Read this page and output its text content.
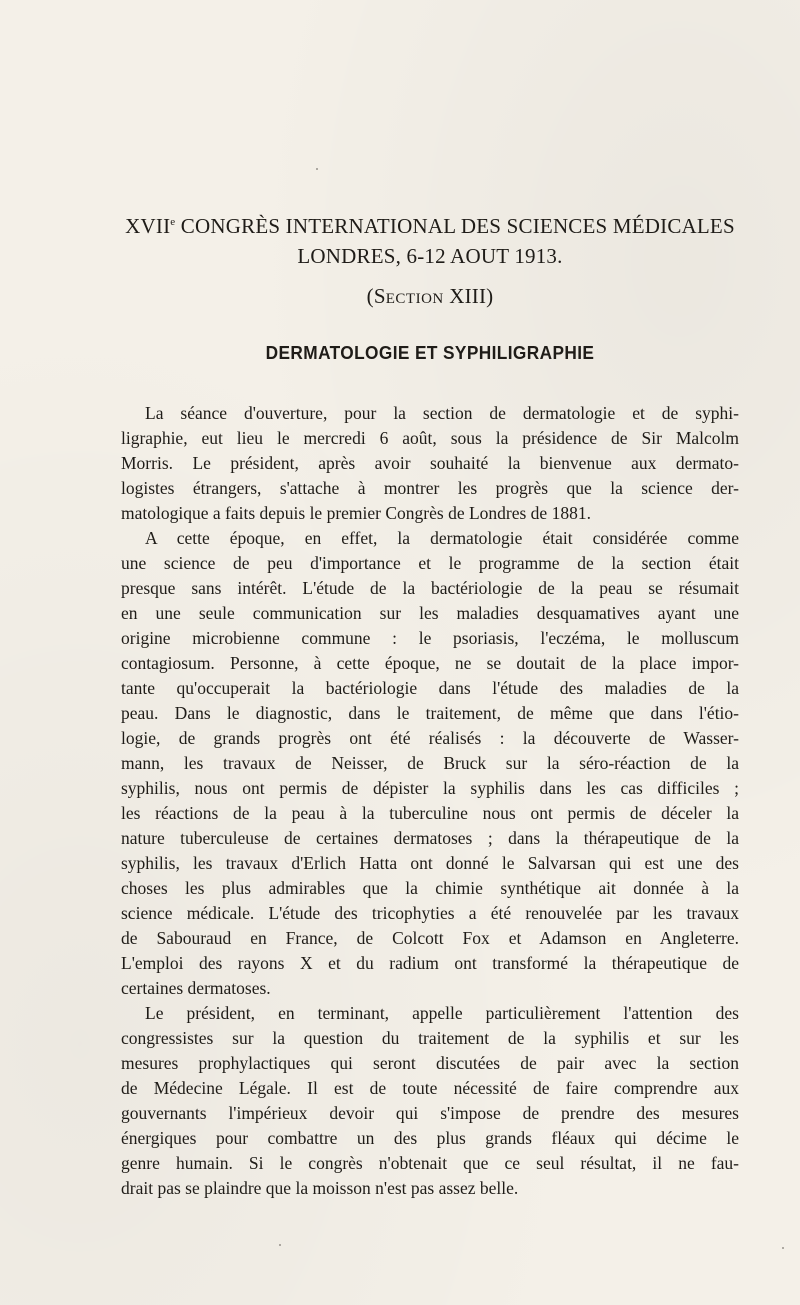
XVIIe CONGRÈS INTERNATIONAL DES SCIENCES MÉDICALES
LONDRES, 6-12 AOUT 1913.
(SECTION XIII)
DERMATOLOGIE ET SYPHILIGRAPHIE
La séance d'ouverture, pour la section de dermatologie et de syphi-
ligraphie, eut lieu le mercredi 6 août, sous la présidence de Sir Malcolm
Morris. Le président, après avoir souhaité la bienvenue aux dermato-
logistes étrangers, s'attache à montrer les progrès que la science der-
matologique a faits depuis le premier Congrès de Londres de 1881.
A cette époque, en effet, la dermatologie était considérée comme
une science de peu d'importance et le programme de la section était
presque sans intérêt. L'étude de la bactériologie de la peau se résumait
en une seule communication sur les maladies desquamatives ayant une
origine microbienne commune : le psoriasis, l'eczéma, le molluscum
contagiosum. Personne, à cette époque, ne se doutait de la place impor-
tante qu'occuperait la bactériologie dans l'étude des maladies de la
peau. Dans le diagnostic, dans le traitement, de même que dans l'étio-
logie, de grands progrès ont été réalisés : la découverte de Wasser-
mann, les travaux de Neisser, de Bruck sur la séro-réaction de la
syphilis, nous ont permis de dépister la syphilis dans les cas difficiles ;
les réactions de la peau à la tuberculine nous ont permis de déceler la
nature tuberculeuse de certaines dermatoses ; dans la thérapeutique de la
syphilis, les travaux d'Erlich Hatta ont donné le Salvarsan qui est une des
choses les plus admirables que la chimie synthétique ait donnée à la
science médicale. L'étude des tricophyties a été renouvelée par les travaux
de Sabouraud en France, de Colcott Fox et Adamson en Angleterre.
L'emploi des rayons X et du radium ont transformé la thérapeutique de
certaines dermatoses.
Le président, en terminant, appelle particulièrement l'attention des
congressistes sur la question du traitement de la syphilis et sur les
mesures prophylactiques qui seront discutées de pair avec la section
de Médecine Légale. Il est de toute nécessité de faire comprendre aux
gouvernants l'impérieux devoir qui s'impose de prendre des mesures
énergiques pour combattre un des plus grands fléaux qui décime le
genre humain. Si le congrès n'obtenait que ce seul résultat, il ne fau-
drait pas se plaindre que la moisson n'est pas assez belle.
